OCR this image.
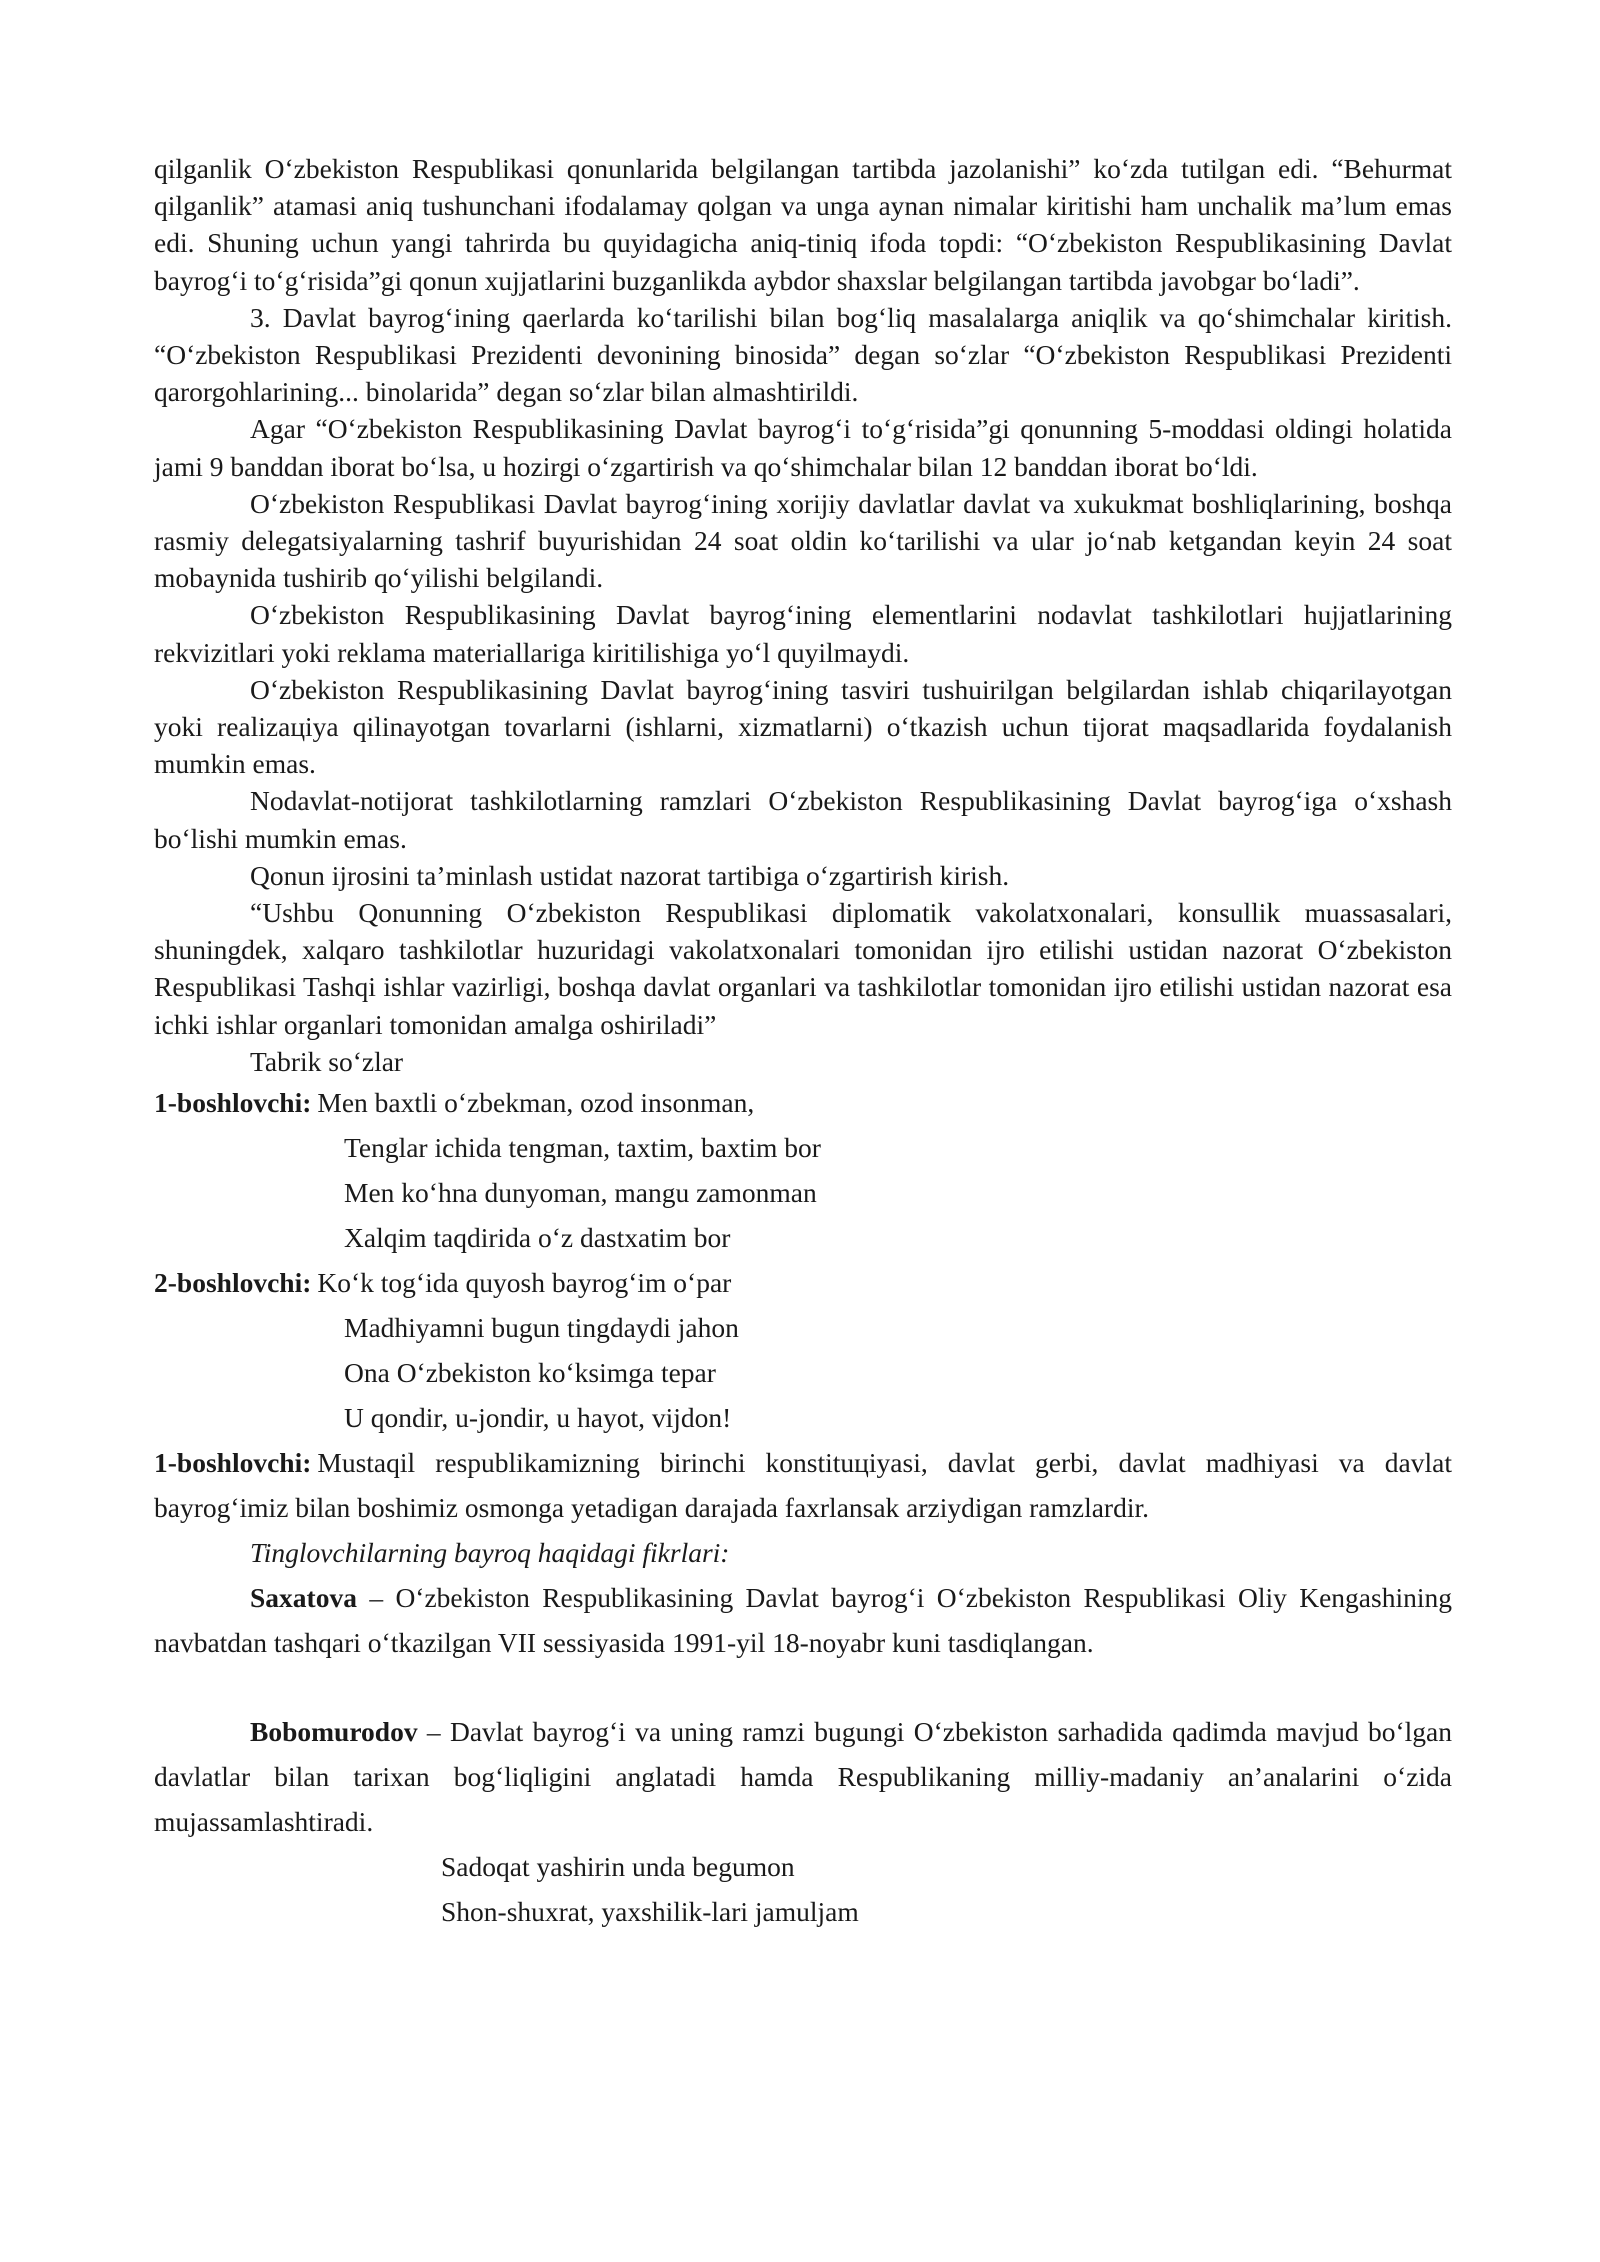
qilganlik O‘zbekiston Respublikasi qonunlarida belgilangan tartibda jazolanishi” ko‘zda tutilgan edi. “Behurmat qilganlik” atamasi aniq tushunchani ifodalamay qolgan va unga aynan nimalar kiritishi ham unchalik ma’lum emas edi. Shuning uchun yangi tahrirda bu quyidagicha aniq-tiniq ifoda topdi: “O‘zbekiston Respublikasining Davlat bayrog‘i to‘g‘risida”gi qonun xujjatlarini buzganlikda aybdor shaxslar belgilangan tartibda javobgar bo‘ladi”.

3. Davlat bayrog‘ining qaerlarda ko‘tarilishi bilan bog‘liq masalalarga aniqlik va qo‘shimchalar kiritish. “O‘zbekiston Respublikasi Prezidenti devonining binosida” degan so‘zlar “O‘zbekiston Respublikasi Prezidenti qarorgohlarining... binolarida” degan so‘zlar bilan almashtirildi.

Agar “O‘zbekiston Respublikasining Davlat bayrog‘i to‘g‘risida”gi qonunning 5-moddasi oldingi holatida jami 9 banddan iborat bo‘lsa, u hozirgi o‘zgartirish va qo‘shimchalar bilan 12 banddan iborat bo‘ldi.

O‘zbekiston Respublikasi Davlat bayrog‘ining xorijiy davlatlar davlat va xukukmat boshliqlarining, boshqa rasmiy delegatsiyalarning tashrif buyurishidan 24 soat oldin ko‘tarilishi va ular jo‘nab ketgandan keyin 24 soat mobaynida tushirib qo‘yilishi belgilandi.

O‘zbekiston Respublikasining Davlat bayrog‘ining elementlarini nodavlat tashkilotlari hujjatlarining rekvizitlari yoki reklama materiallariga kiritilishiga yo‘l quyilmaydi.

O‘zbekiston Respublikasining Davlat bayrog‘ining tasviri tushuirilgan belgilardan ishlab chiqarilayotgan yoki realizaцiya qilinayotgan tovarlarni (ishlarni, xizmatlarni) o‘tkazish uchun tijorat maqsadlarida foydalanish mumkin emas.

Nodavlat-notijorat tashkilotlarning ramzlari O‘zbekiston Respublikasining Davlat bayrog‘iga o‘xshash bo‘lishi mumkin emas.

Qonun ijrosini ta’minlash ustidat nazorat tartibiga o‘zgartirish kirish.

“Ushbu Qonunning O‘zbekiston Respublikasi diplomatik vakolatxonalari, konsullik muassasalari, shuningdek, xalqaro tashkilotlar huzuridagi vakolatxonalari tomonidan ijro etilishi ustidan nazorat O‘zbekiston Respublikasi Tashqi ishlar vazirligi, boshqa davlat organlari va tashkilotlar tomonidan ijro etilishi ustidan nazorat esa ichki ishlar organlari tomonidan amalga oshiriladi”

Tabrik so‘zlar

1-boshlovchi: Men baxtli o‘zbekman, ozod insonman,
Tenglar ichida tengman, taxtim, baxtim bor
Men ko‘hna dunyoman, mangu zamonman
Xalqim taqdirida o‘z dastxatim bor
2-boshlovchi: Ko‘k tog‘ida quyosh bayrog‘im o‘par
Madhiyamni bugun tingdaydi jahon
Ona O‘zbekiston ko‘ksimga tepar
U qondir, u-jondir, u hayot, vijdon!

1-boshlovchi: Mustaqil respublikamizning birinchi konstituцiyasi, davlat gerbi, davlat madhiyasi va davlat bayrog‘imiz bilan boshimiz osmonga yetadigan darajada faxrlansak arziydigan ramzlardir.

Tinglovchilarning bayroq haqidagi fikrlari:

Saxatova – O‘zbekiston Respublikasining Davlat bayrog‘i O‘zbekiston Respublikasi Oliy Kengashining navbatdan tashqari o‘tkazilgan VII sessiyasida 1991-yil 18-noyabr kuni tasdiqlangan.

Bobomurodov – Davlat bayrog‘i va uning ramzi bugungi O‘zbekiston sarhadida qadimda mavjud bo‘lgan davlatlar bilan tarixan bog‘liqligini anglatadi hamda Respublikaning milliy-madaniy an’analarini o‘zida mujassamlashtiradi.

Sadoqat yashirin unda begumon
Shon-shuxrat, yaxshilik-lari jamuljam
